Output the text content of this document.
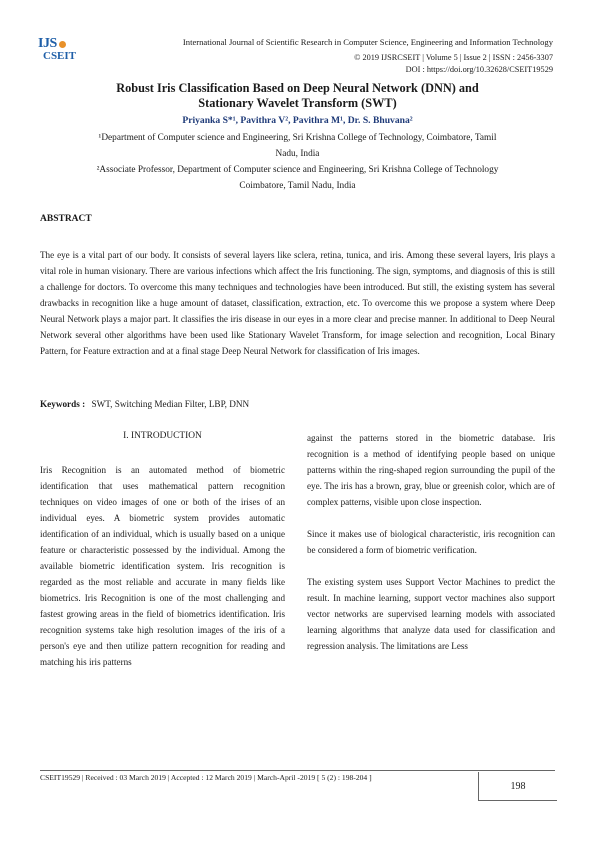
IJS
CSEIT
International Journal of Scientific Research in Computer Science, Engineering and Information Technology
© 2019 IJSRCSEIT | Volume 5 | Issue 2 | ISSN : 2456-3307
DOI : https://doi.org/10.32628/CSEIT19529
Robust Iris Classification Based on Deep Neural Network (DNN) and
Stationary Wavelet Transform (SWT)
Priyanka S*¹, Pavithra V², Pavithra M¹, Dr. S. Bhuvana²
¹Department of Computer science and Engineering, Sri Krishna College of Technology, Coimbatore, Tamil
Nadu, India
²Associate Professor, Department of Computer science and Engineering, Sri Krishna College of Technology
Coimbatore, Tamil Nadu, India
ABSTRACT
The eye is a vital part of our body. It consists of several layers like sclera, retina, tunica, and iris. Among these several layers, Iris plays a vital role in human visionary. There are various infections which affect the Iris functioning. The sign, symptoms, and diagnosis of this is still a challenge for doctors. To overcome this many techniques and technologies have been introduced. But still, the existing system has several drawbacks in recognition like a huge amount of dataset, classification, extraction, etc. To overcome this we propose a system where Deep Neural Network plays a major part. It classifies the iris disease in our eyes in a more clear and precise manner. In additional to Deep Neural Network several other algorithms have been used like Stationary Wavelet Transform, for image selection and recognition, Local Binary Pattern, for Feature extraction and at a final stage Deep Neural Network for classification of Iris images.
Keywords : SWT, Switching Median Filter, LBP, DNN
I. INTRODUCTION

Iris Recognition is an automated method of biometric identification that uses mathematical pattern recognition techniques on video images of one or both of the irises of an individual eyes. A biometric system provides automatic identification of an individual, which is usually based on a unique feature or characteristic possessed by the individual. Among the available biometric identification system. Iris recognition is regarded as the most reliable and accurate in many fields like biometrics. Iris Recognition is one of the most challenging and fastest growing areas in the field of biometrics identification. Iris recognition systems take high resolution images of the iris of a person's eye and then utilize pattern recognition for reading and matching his iris patterns

against the patterns stored in the biometric database. Iris recognition is a method of identifying people based on unique patterns within the ring-shaped region surrounding the pupil of the eye. The iris has a brown, gray, blue or greenish color, which are of complex patterns, visible upon close inspection.

Since it makes use of biological characteristic, iris recognition can be considered a form of biometric verification.

The existing system uses Support Vector Machines to predict the result. In machine learning, support vector machines also support vector networks are supervised learning models with associated learning algorithms that analyze data used for classification and regression analysis. The limitations are Less

CSEIT19529 | Received : 03 March 2019 | Accepted : 12 March 2019 | March-April -2019 [ 5 (2) : 198-204 ]
198
